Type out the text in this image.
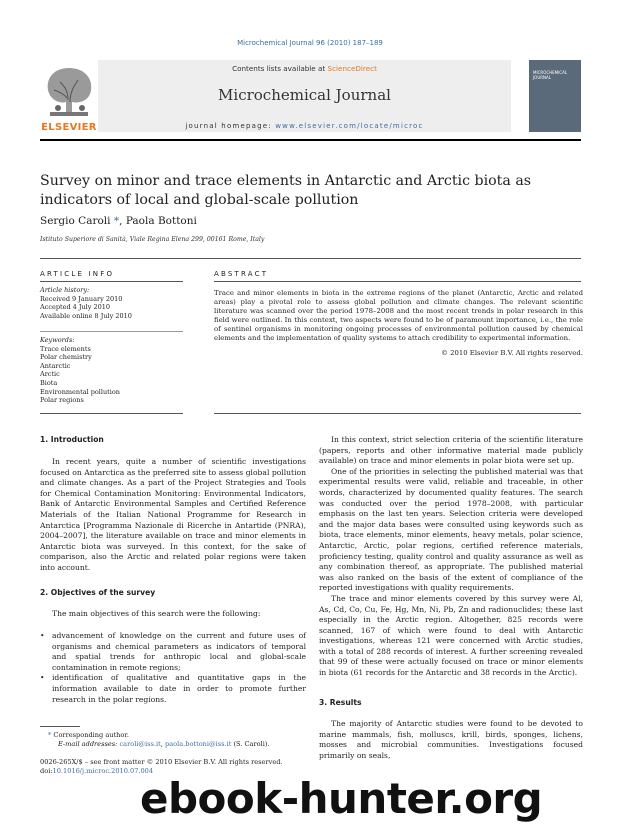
Microchemical Journal 96 (2010) 187–189
Contents lists available at ScienceDirect
Microchemical Journal
journal homepage: www.elsevier.com/locate/microc
ELSEVIER
MICROCHEMICAL JOURNAL
Survey on minor and trace elements in Antarctic and Arctic biota as indicators of local and global-scale pollution
Sergio Caroli *, Paola Bottoni
Istituto Superiore di Sanità, Viale Regina Elena 299, 00161 Rome, Italy
ARTICLE INFO	ABSTRACT
Article history:
Received 9 January 2010
Accepted 4 July 2010
Available online 8 July 2010
Keywords:
Trace elements
Polar chemistry
Antarctic
Arctic
Biota
Environmental pollution
Polar regions
Trace and minor elements in biota in the extreme regions of the planet (Antarctic, Arctic and related areas) play a pivotal role to assess global pollution and climate changes. The relevant scientific literature was scanned over the period 1978–2008 and the most recent trends in polar research in this field were outlined. In this context, two aspects were found to be of paramount importance, i.e., the role of sentinel organisms in monitoring ongoing processes of environmental pollution caused by chemical elements and the implementation of quality systems to attach credibility to experimental information.
© 2010 Elsevier B.V. All rights reserved.
1. Introduction

In recent years, quite a number of scientific investigations focused on Antarctica as the preferred site to assess global pollution and climate changes. As a part of the Project Strategies and Tools for Chemical Contamination Monitoring: Environmental Indicators, Bank of Antarctic Environmental Samples and Certified Reference Materials of the Italian National Programme for Research in Antarctica [Programma Nazionale di Ricerche in Antartide (PNRA), 2004–2007], the literature available on trace and minor elements in Antarctic biota was surveyed. In this context, for the sake of comparison, also the Arctic and related polar regions were taken into account.

2. Objectives of the survey

The main objectives of this search were the following:

• advancement of knowledge on the current and future uses of organisms and chemical parameters as indicators of temporal and spatial trends for anthropic local and global-scale contamination in remote regions;
• identification of qualitative and quantitative gaps in the information available to date in order to promote further research in the polar regions.

In this context, strict selection criteria of the scientific literature (papers, reports and other informative material made publicly available) on trace and minor elements in polar biota were set up.

One of the priorities in selecting the published material was that experimental results were valid, reliable and traceable, in other words, characterized by documented quality features. The search was conducted over the period 1978–2008, with particular emphasis on the last ten years. Selection criteria were developed and the major data bases were consulted using keywords such as biota, trace elements, minor elements, heavy metals, polar science, Antarctic, Arctic, polar regions, certified reference materials, proficiency testing, quality control and quality assurance as well as any combination thereof, as appropriate. The published material was also ranked on the basis of the extent of compliance of the reported investigations with quality requirements.

The trace and minor elements covered by this survey were Al, As, Cd, Co, Cu, Fe, Hg, Mn, Ni, Pb, Zn and radionuclides; these last especially in the Arctic region. Altogether, 825 records were scanned, 167 of which were found to deal with Antarctic investigations, whereas 121 were concerned with Arctic studies, with a total of 288 records of interest. A further screening revealed that 99 of these were actually focused on trace or minor elements in biota (61 records for the Antarctic and 38 records in the Arctic).

3. Results

The majority of Antarctic studies were found to be devoted to marine mammals, fish, molluscs, krill, birds, sponges, lichens, mosses and microbial communities. Investigations focused primarily on seals,

* Corresponding author.
E-mail addresses: caroli@iss.it, paola.bottoni@iss.it (S. Caroli).
0026-265X/$ – see front matter © 2010 Elsevier B.V. All rights reserved.
doi:10.1016/j.microc.2010.07.004
ebook-hunter.org
